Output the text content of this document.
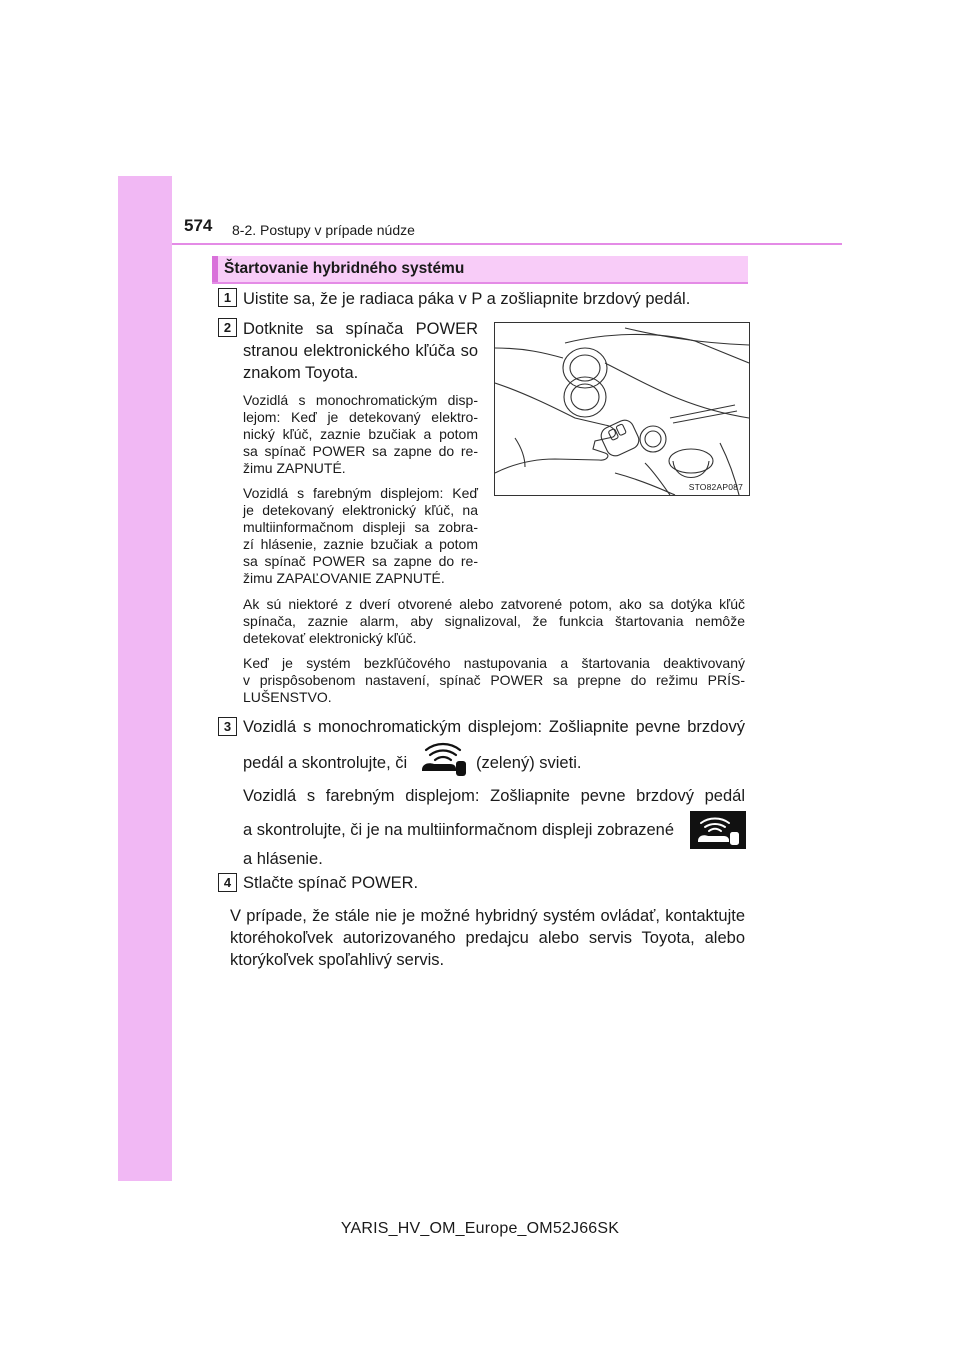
574 8-2. Postupy v prípade núdze
Štartovanie hybridného systému
1 Uistite sa, že je radiaca páka v P a zošliapnite brzdový pedál.
2 Dotknite sa spínača POWER
stranou elektronického kľúča so
znakom Toyota.
Vozidlá s monochromatickým disp-
lejom: Keď je detekovaný elektro-
nický kľúč, zaznie bzučiak a potom
sa spínač POWER sa zapne do re-
žimu ZAPNUTÉ.
Vozidlá s farebným displejom: Keď
je detekovaný elektronický kľúč, na
multiinformačnom displeji sa zobra-
zí hlásenie, zaznie bzučiak a potom
sa spínač POWER sa zapne do re-
žimu ZAPAĽOVANIE ZAPNUTÉ.
STO82AP087
Ak sú niektoré z dverí otvorené alebo zatvorené potom, ako sa dotýka kľúč
spínača, zaznie alarm, aby signalizoval, že funkcia štartovania nemôže
detekovať elektronický kľúč.
Keď je systém bezkľúčového nastupovania a štartovania deaktivovaný
v prispôsobenom nastavení, spínač POWER sa prepne do režimu PRÍS-
LUŠENSTVO.
3 Vozidlá s monochromatickým displejom: Zošliapnite pevne brzdový
pedál a skontrolujte, či	(zelený) svieti.
Vozidlá s farebným displejom: Zošliapnite pevne brzdový pedál
a skontrolujte, či je na multiinformačnom displeji zobrazené
a hlásenie.
4 Stlačte spínač POWER.
V prípade, že stále nie je možné hybridný systém ovládať, kontaktujte
ktoréhokoľvek autorizovaného predajcu alebo servis Toyota, alebo
ktorýkoľvek spoľahlivý servis.
YARIS_HV_OM_Europe_OM52J66SK
